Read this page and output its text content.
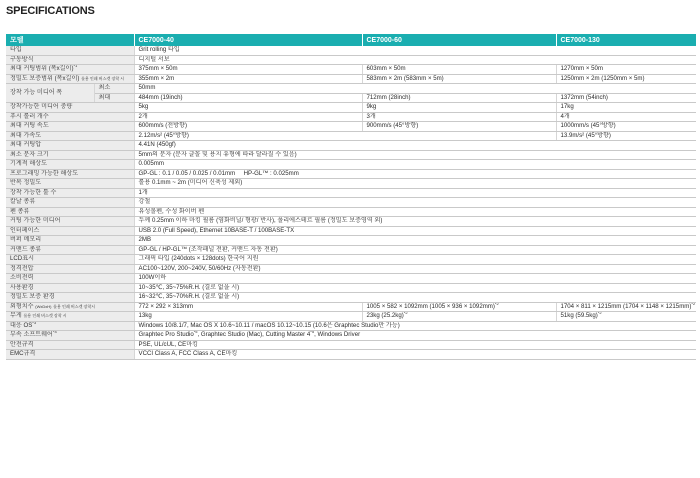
SPECIFICATIONS
모델		CE7000-40	CE7000-60	CE7000-130
타입		Grit rolling 타입		
구동방식		디지털 서보		
최대 커팅범위 (폭x길이)$^{*1}$		375mm × 50m	603mm × 50m	1270mm × 50m
정밀도 보증범위 (폭x길이) 롤용 인쇄 버스켓 장착 시		355mm × 2m	583mm × 2m (583mm × 5m)	1250mm × 2m (1250mm × 5m)
장착 가능 미디어 폭	최소	50mm		
	최대	484mm (19inch)	712mm (28inch)	1372mm (54inch)
장착가능한 미디어 중량		5kg	9kg	17kg
푸시 롤러 개수		2개	3개	4개
최대 커팅 속도		600mm/s (전방향)	900mm/s (45°방향)	1000mm/s (45°방향)
최대 가속도		2.12m/s² (45°방향)		13.9m/s² (45°방향)
최대 커팅압		4.41N (450gf)		
최소 문자 크기		5mm의 문자 (문자 글꼴 및 용지 유형에 따라 달라질 수 있음)		
기계적 해상도		0.005mm		
프로그래밍 가능한 해상도		GP-GL : 0.1 / 0.05 / 0.025 / 0.01mm     HP-GL™ : 0.025mm		
반복 정밀도		롤용 0.1mm ~ 2m (미디어 신축성 제외)		
장착 가능한 툴 수		1개		
칼날 종류		강철		
펜 종류		유성볼펜, 수성 화이버 펜		
커팅 가능한 미디어		두께 0.25mm 이하 마킹 필름 (염화비닐/ 형광/ 반사), 폴리에스테르 필름 (정밀도 보증영역 외)		
인터페이스		USB 2.0 (Full Speed), Ethernet 10BASE-T / 100BASE-TX		
버퍼 메모리		2MB		
커맨드 종류		GP-GL / HP-GL™ (조작패널 전환, 커맨드 자동 전환)		
LCD표시		그래픽 타입 (240dots × 128dots) 한국어 지원		
정격전압		AC100~120V, 200~240V, 50/60Hz (자동전환)		
소비전력		100W이하		
사용환경		10~35℃, 35~75%R.H. (결로 없을 시)		
정밀도 보증 환경		16~32℃, 35~70%R.H. (결로 없을 시)		
외형치수 (WxDxH) 롤용 인쇄 버스켓 장착시		772 × 292 × 313mm	1005 × 582 × 1092mm $(1005 \times 936 \times 1092mm)^{*2}$	1704 × 811 × 1215mm $(1704 \times 1148 \times 1215mm)^{*2}$
무게 롤용 인쇄 버스켓 장착 시		13kg	23kg $(25.2kg)^{*2}$	51kg $(59.5kg)^{*2}$
대응 OS$^{*3}$		Windows 10/8.1/7, Mac OS X 10.6~10.11 / macOS 10.12~10.15 (10.6은 Graphtec Studio만 가능)		
부속 소프트웨어$^{*4}$		Graphtec Pro Studio$^{*5}$, Graphtec Studio (Mac), Cutting Master 4$^{*5}$, Windows Driver		
안전규격		PSE, UL/cUL, CE마킹		
EMC규격		VCCI Class A, FCC Class A, CE마킹		
